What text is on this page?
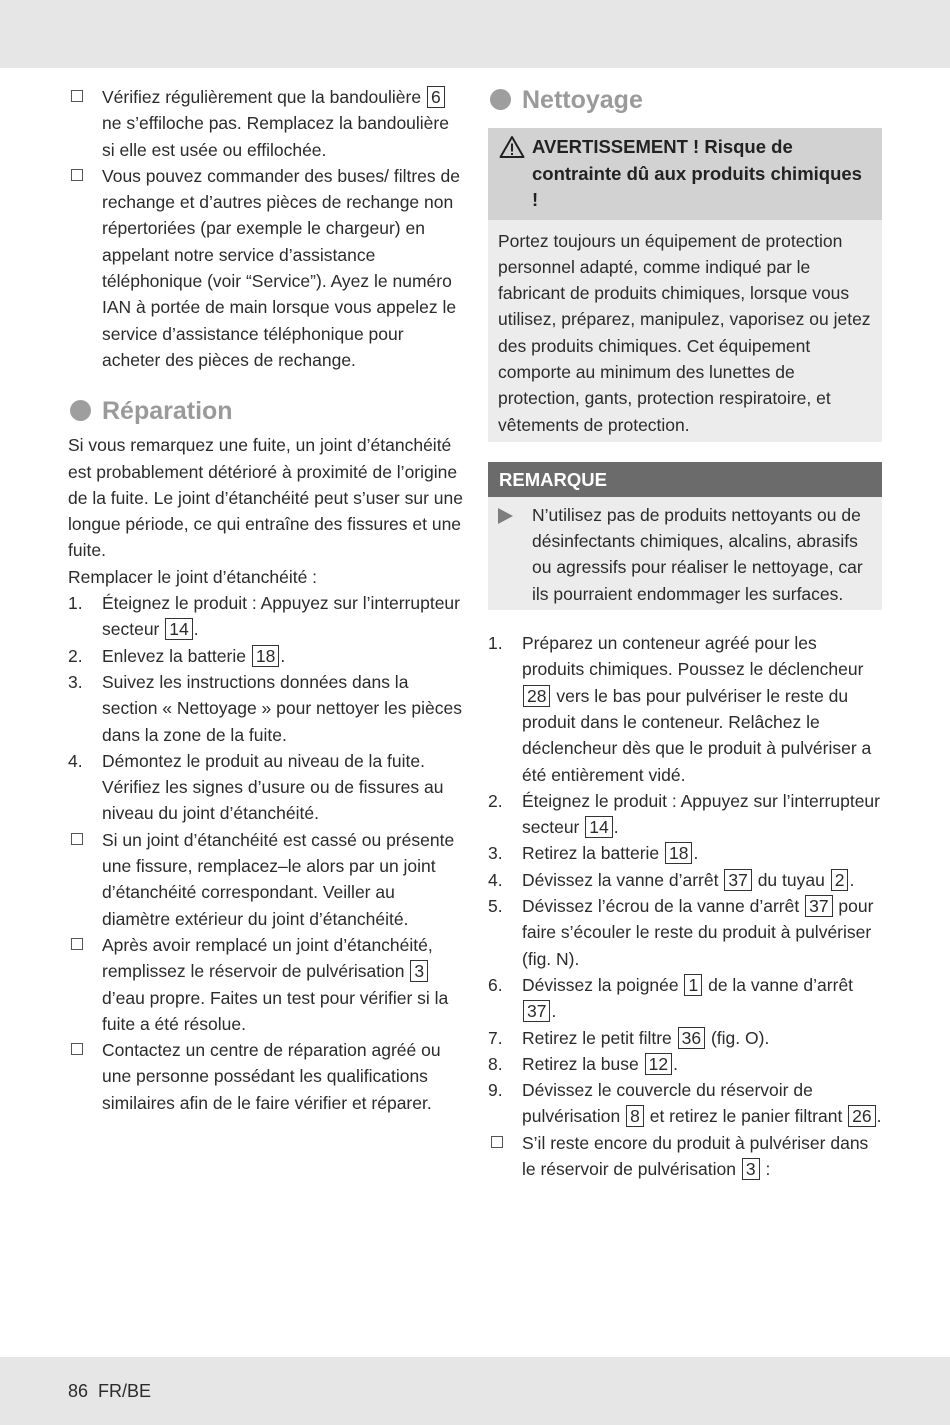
Vérifiez régulièrement que la bandoulière 6 ne s’effiloche pas. Remplacez la bandoulière si elle est usée ou effilochée.
Vous pouvez commander des buses/ filtres de rechange et d’autres pièces de rechange non répertoriées (par exemple le chargeur) en appelant notre service d’assistance téléphonique (voir “Service”). Ayez le numéro IAN à portée de main lorsque vous appelez le service d’assistance téléphonique pour acheter des pièces de rechange.
Réparation
Si vous remarquez une fuite, un joint d’étanchéité est probablement détérioré à proximité de l’origine de la fuite. Le joint d’étanchéité peut s’user sur une longue période, ce qui entraîne des fissures et une fuite.
Remplacer le joint d’étanchéité :
1.	Éteignez le produit : Appuyez sur l’interrupteur secteur 14 .
2.	Enlevez la batterie 18 .
3.	Suivez les instructions données dans la section « Nettoyage » pour nettoyer les pièces dans la zone de la fuite.
4.	Démontez le produit au niveau de la fuite. Vérifiez les signes d’usure ou de fissures au niveau du joint d’étanchéité.
Si un joint d’étanchéité est cassé ou présente une fissure, remplacez–le alors par un joint d’étanchéité correspondant. Veiller au diamètre extérieur du joint d’étanchéité.
Après avoir remplacé un joint d’étanchéité, remplissez le réservoir de pulvérisation 3 d’eau propre. Faites un test pour vérifier si la fuite a été résolue.
Contactez un centre de réparation agréé ou une personne possédant les qualifications similaires afin de le faire vérifier et réparer.
Nettoyage
AVERTISSEMENT ! Risque de contrainte dû aux produits chimiques !
Portez toujours un équipement de protection personnel adapté, comme indiqué par le fabricant de produits chimiques, lorsque vous utilisez, préparez, manipulez, vaporisez ou jetez des produits chimiques. Cet équipement comporte au minimum des lunettes de protection, gants, protection respiratoire, et vêtements de protection.
REMARQUE
N’utilisez pas de produits nettoyants ou de désinfectants chimiques, alcalins, abrasifs ou agressifs pour réaliser le nettoyage, car ils pourraient endommager les surfaces.
1.	Préparez un conteneur agréé pour les produits chimiques. Poussez le déclencheur 28 vers le bas pour pulvériser le reste du produit dans le conteneur. Relâchez le déclencheur dès que le produit à pulvériser a été entièrement vidé.
2.	Éteignez le produit : Appuyez sur l’interrupteur secteur 14 .
3.	Retirez la batterie 18 .
4.	Dévissez la vanne d’arrêt 37 du tuyau 2 .
5.	Dévissez l’écrou de la vanne d’arrêt 37 pour faire s’écouler le reste du produit à pulvériser (fig. N).
6.	Dévissez la poignée 1 de la vanne d’arrêt 37 .
7.	Retirez le petit filtre 36 (fig. O).
8.	Retirez la buse 12 .
9.	Dévissez le couvercle du réservoir de pulvérisation 8 et retirez le panier filtrant 26 .
S’il reste encore du produit à pulvériser dans le réservoir de pulvérisation 3 :
86 FR/BE
